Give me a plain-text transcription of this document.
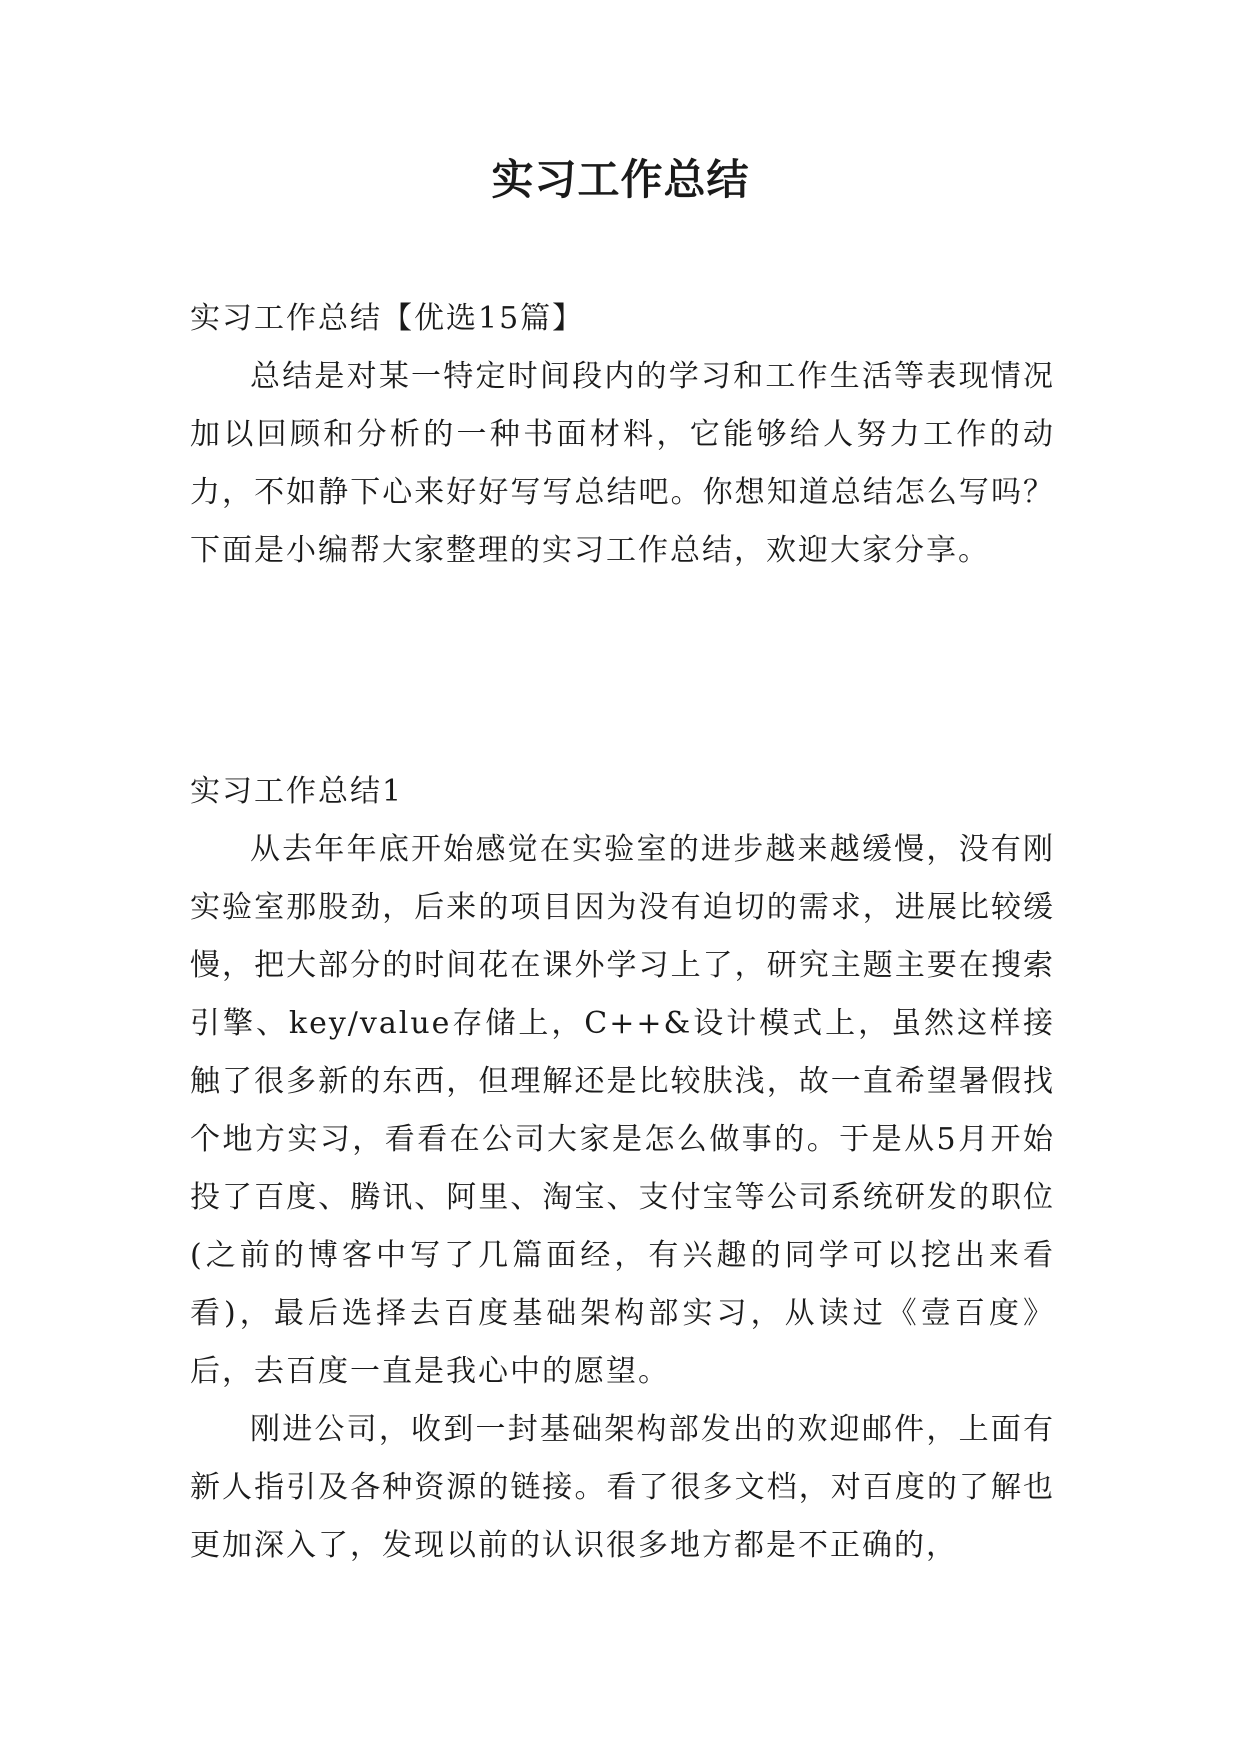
实习工作总结

实习工作总结【优选15篇】

总结是对某一特定时间段内的学习和工作生活等表现情况加以回顾和分析的一种书面材料，它能够给人努力工作的动力，不如静下心来好好写写总结吧。你想知道总结怎么写吗？下面是小编帮大家整理的实习工作总结，欢迎大家分享。

实习工作总结1

从去年年底开始感觉在实验室的进步越来越缓慢，没有刚实验室那股劲，后来的项目因为没有迫切的需求，进展比较缓慢，把大部分的时间花在课外学习上了，研究主题主要在搜索引擎、key/value存储上，C++&设计模式上，虽然这样接触了很多新的东西，但理解还是比较肤浅，故一直希望暑假找个地方实习，看看在公司大家是怎么做事的。于是从5月开始投了百度、腾讯、阿里、淘宝、支付宝等公司系统研发的职位(之前的博客中写了几篇面经，有兴趣的同学可以挖出来看看)，最后选择去百度基础架构部实习，从读过《壹百度》后，去百度一直是我心中的愿望。

刚进公司，收到一封基础架构部发出的欢迎邮件，上面有新人指引及各种资源的链接。看了很多文档，对百度的了解也更加深入了，发现以前的认识很多地方都是不正确的，
